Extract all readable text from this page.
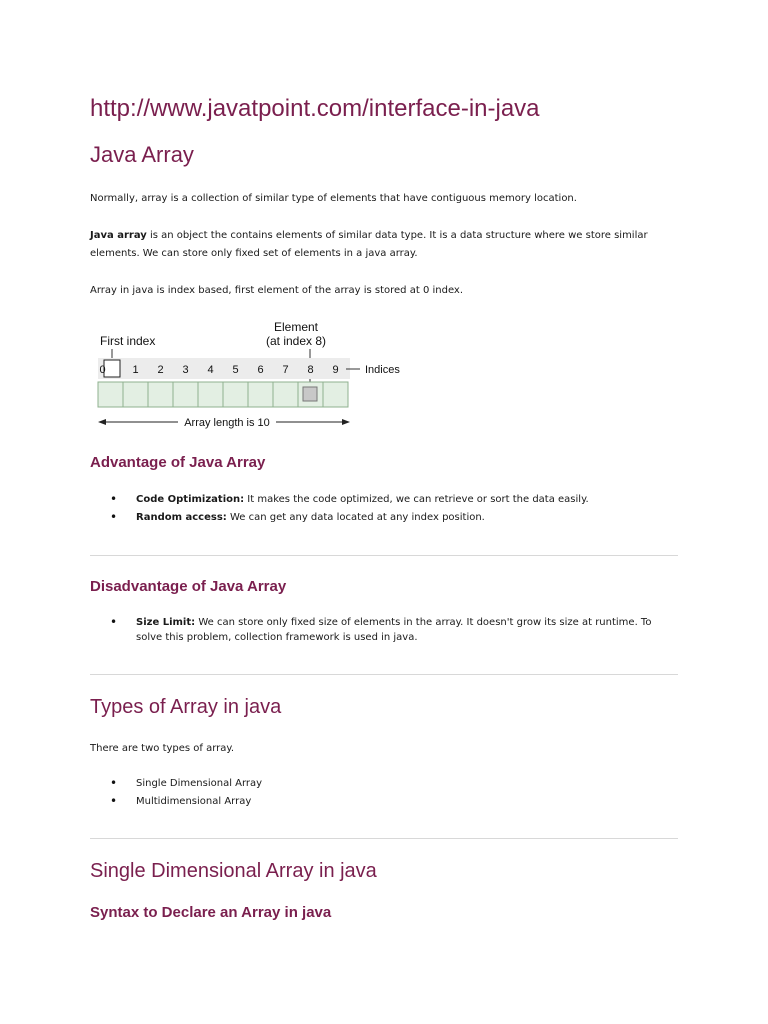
http://www.javatpoint.com/interface-in-java
Java Array
Normally, array is a collection of similar type of elements that have contiguous memory location.
Java array is an object the contains elements of similar data type. It is a data structure where we store similar elements. We can store only fixed set of elements in a java array.
Array in java is index based, first element of the array is stored at 0 index.
First index
Element
(at index 8)
0 1 2 3 4 5 6 7 8 9 Indices
Array length is 10
Advantage of Java Array
• Code Optimization: It makes the code optimized, we can retrieve or sort the data easily.
• Random access: We can get any data located at any index position.
Disadvantage of Java Array
• Size Limit: We can store only fixed size of elements in the array. It doesn't grow its size at runtime. To solve this problem, collection framework is used in java.
Types of Array in java
There are two types of array.
• Single Dimensional Array
• Multidimensional Array
Single Dimensional Array in java
Syntax to Declare an Array in java
